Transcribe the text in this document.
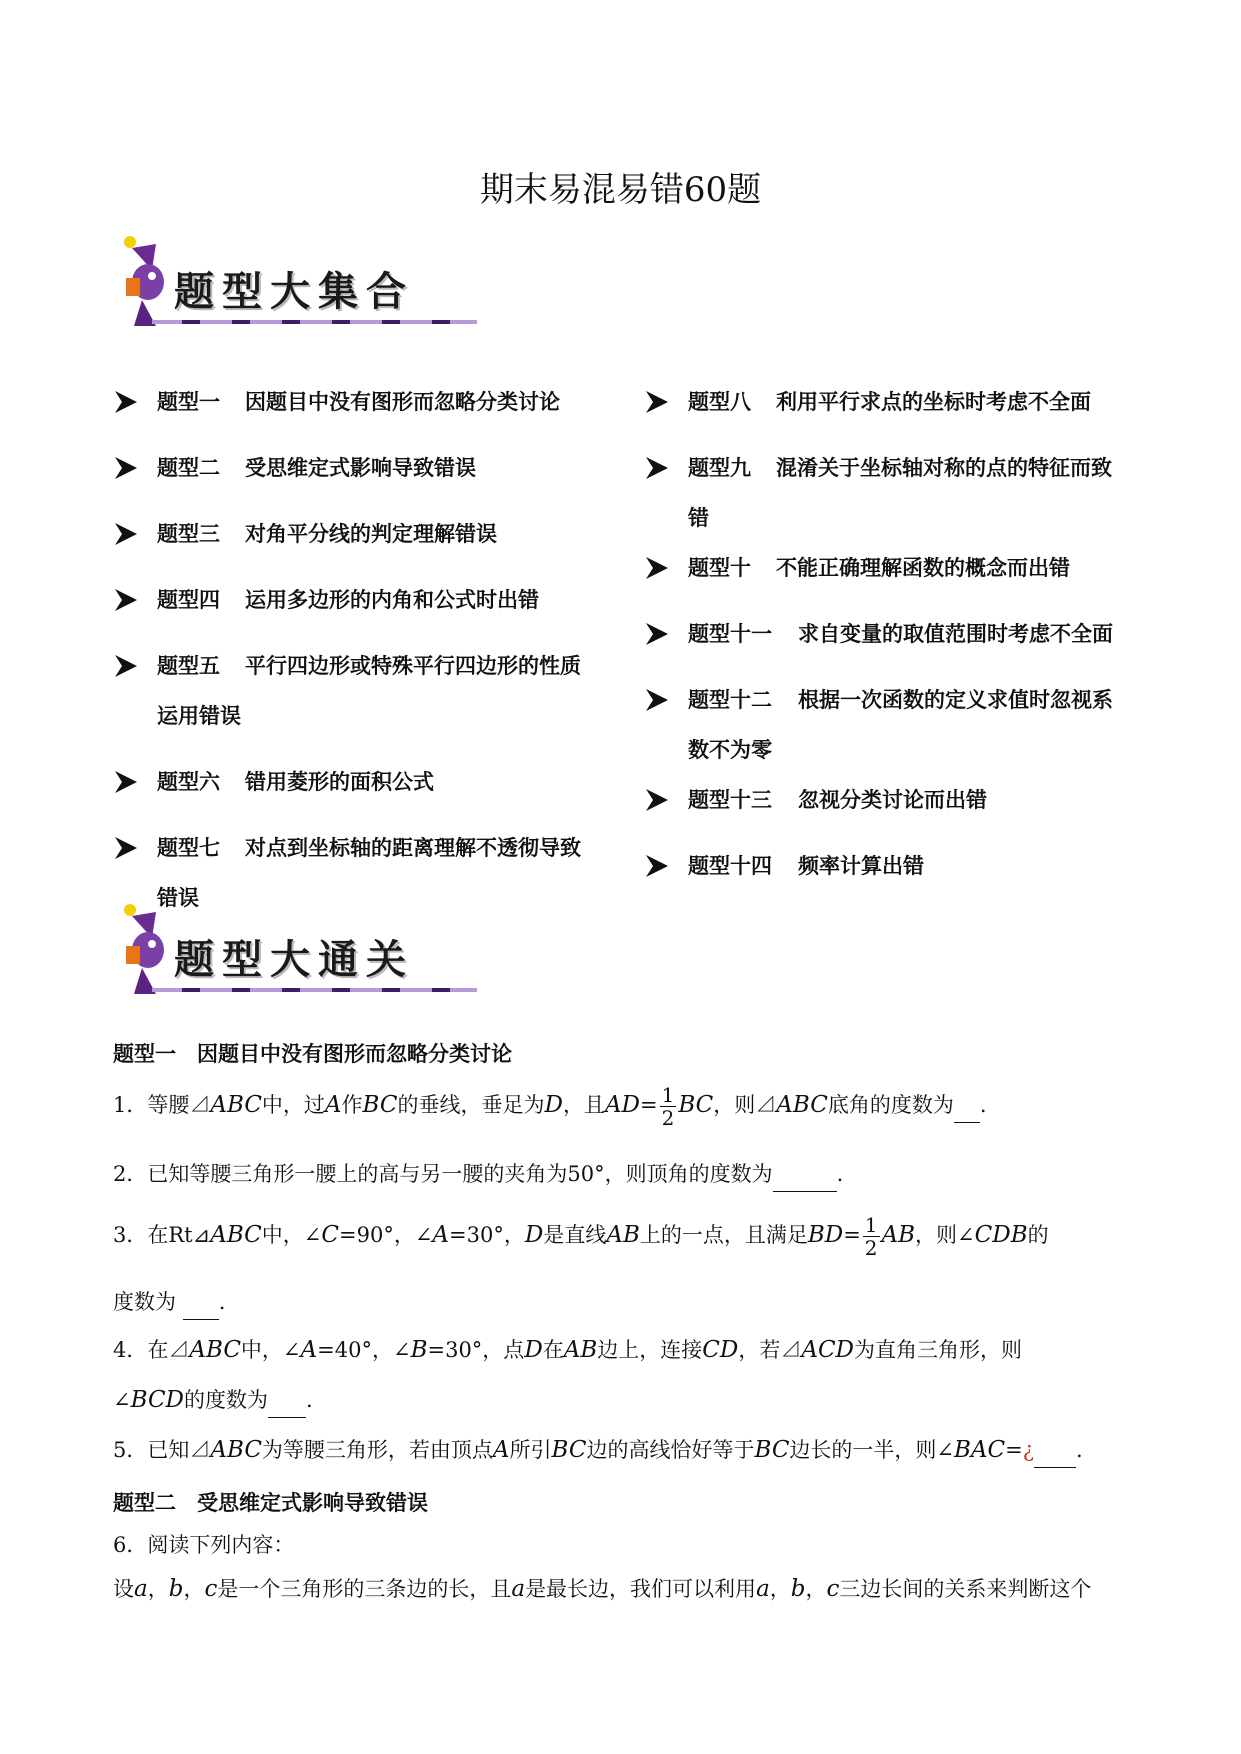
期末易混易错60题
题型大集合
题型一 因题目中没有图形而忽略分类讨论
题型二 受思维定式影响导致错误
题型三 对角平分线的判定理解错误
题型四 运用多边形的内角和公式时出错
题型五 平行四边形或特殊平行四边形的性质
运用错误
题型六 错用菱形的面积公式
题型七 对点到坐标轴的距离理解不透彻导致
错误
题型八 利用平行求点的坐标时考虑不全面
题型九 混淆关于坐标轴对称的点的特征而致
错
题型十 不能正确理解函数的概念而出错
题型十一 求自变量的取值范围时考虑不全面
题型十二 根据一次函数的定义求值时忽视系
数不为零
题型十三 忽视分类讨论而出错
题型十四 频率计算出错
题型大通关
题型一　因题目中没有图形而忽略分类讨论
1．等腰⊿ABC中，过A作BC的垂线，垂足为D，且$AD= \frac{1}{2}$ BC，则⊿ABC底角的度数为 .
2．已知等腰三角形一腰上的高与另一腰的夹角为50°，则顶角的度数为	.
3．在Rt⊿ABC中，∠C=90°，∠A=30°，D是直线AB上的一点，且满足$BD= \frac{1}{2}$ AB，则∠CDB的
度数为 .
4．在⊿ABC中，∠A=40°，∠B=30°，点D在AB边上，连接CD，若⊿ACD为直角三角形，则
∠BCD的度数为 .
5．已知⊿ABC为等腰三角形，若由顶点A所引BC边的高线恰好等于BC边长的一半，则∠BAC=¿ .
题型二　受思维定式影响导致错误
6．阅读下列内容：
设a，b，c是一个三角形的三条边的长，且a是最长边，我们可以利用a，b，c三边长间的关系来判断这个
